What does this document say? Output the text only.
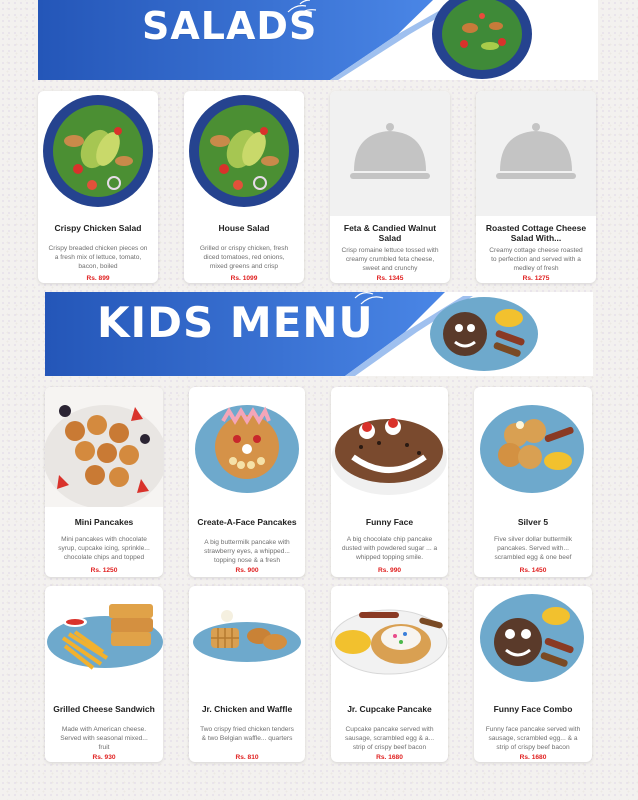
SALADS
Crispy Chicken Salad
Crispy breaded chicken pieces on a fresh mix of lettuce, tomato, bacon, boiled
Rs. 899
House Salad
Grilled or crispy chicken, fresh diced tomatoes, red onions, mixed greens and crisp
Rs. 1099
Feta & Candied Walnut Salad
Crisp romaine lettuce tossed with creamy crumbled feta cheese, sweet and crunchy
Rs. 1345
Roasted Cottage Cheese Salad With...
Creamy cottage cheese roasted to perfection and served with a medley of fresh
Rs. 1275
KIDS MENU
Mini Pancakes
Mini pancakes with chocolate syrup, cupcake icing, sprinkle... chocolate chips and topped
Rs. 1250
Create-A-Face Pancakes
A big buttermilk pancake with strawberry eyes, a whipped... topping nose & a fresh
Rs. 900
Funny Face
A big chocolate chip pancake dusted with powdered sugar ... a whipped topping smile.
Rs. 990
Silver 5
Five silver dollar buttermilk pancakes. Served with... scrambled egg & one beef
Rs. 1450
Grilled Cheese Sandwich
Made with American cheese. Served with seasonal mixed... fruit
Rs. 930
Jr. Chicken and Waffle
Two crispy fried chicken tenders & two Belgian waffle... quarters
Rs. 810
Jr. Cupcake Pancake
Cupcake pancake served with sausage, scrambled egg & a... strip of crispy beef bacon
Rs. 1680
Funny Face Combo
Funny face pancake served with sausage, scrambled egg... & a strip of crispy beef bacon
Rs. 1680
